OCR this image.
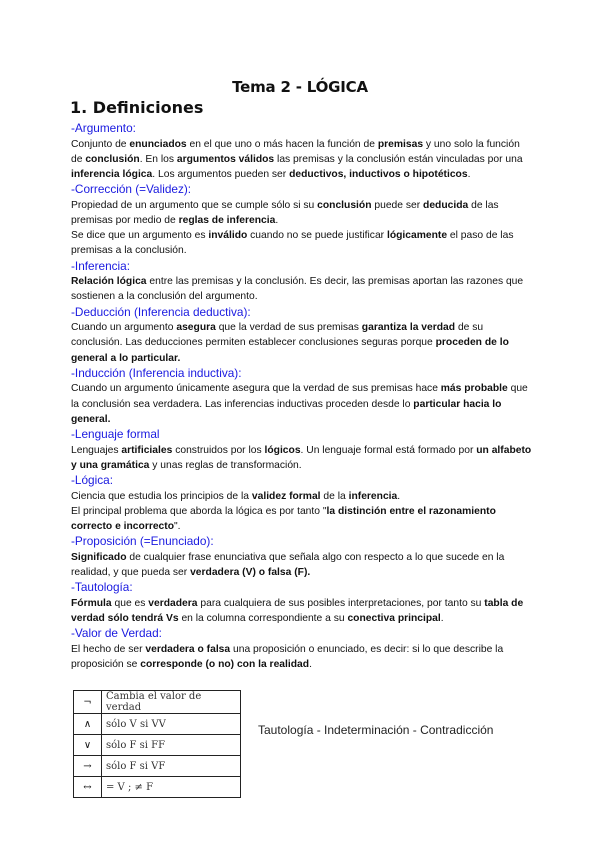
Tema 2 - LÓGICA
1. Definiciones
-Argumento:
Conjunto de enunciados en el que uno o más hacen la función de premisas y uno solo la función de conclusión. En los argumentos válidos las premisas y la conclusión están vinculadas por una inferencia lógica. Los argumentos pueden ser deductivos, inductivos o hipotéticos.
-Corrección (=Validez):
Propiedad de un argumento que se cumple sólo si su conclusión puede ser deducida de las premisas por medio de reglas de inferencia.
Se dice que un argumento es inválido cuando no se puede justificar lógicamente el paso de las premisas a la conclusión.
-Inferencia:
Relación lógica entre las premisas y la conclusión. Es decir, las premisas aportan las razones que sostienen a la conclusión del argumento.
-Deducción (Inferencia deductiva):
Cuando un argumento asegura que la verdad de sus premisas garantiza la verdad de su conclusión. Las deducciones permiten establecer conclusiones seguras porque proceden de lo general a lo particular.
-Inducción (Inferencia inductiva):
Cuando un argumento únicamente asegura que la verdad de sus premisas hace más probable que la conclusión sea verdadera. Las inferencias inductivas proceden desde lo particular hacia lo general.
-Lenguaje formal
Lenguajes artificiales construidos por los lógicos. Un lenguaje formal está formado por un alfabeto y una gramática y unas reglas de transformación.
-Lógica:
Ciencia que estudia los principios de la validez formal de la inferencia.
El principal problema que aborda la lógica es por tanto "la distinción entre el razonamiento correcto e incorrecto".
-Proposición (=Enunciado):
Significado de cualquier frase enunciativa que señala algo con respecto a lo que sucede en la realidad, y que pueda ser verdadera (V) o falsa (F).
-Tautología:
Fórmula que es verdadera para cualquiera de sus posibles interpretaciones, por tanto su tabla de verdad sólo tendrá Vs en la columna correspondiente a su conectiva principal.
-Valor de Verdad:
El hecho de ser verdadera o falsa una proposición o enunciado, es decir: si lo que describe la proposición se corresponde (o no) con la realidad.
¬	Cambia el valor de verdad
∧	sólo V si VV
∨	sólo F si FF
→	sólo F si VF
↔	= V ; ≠ F
Tautología - Indeterminación - Contradicción
